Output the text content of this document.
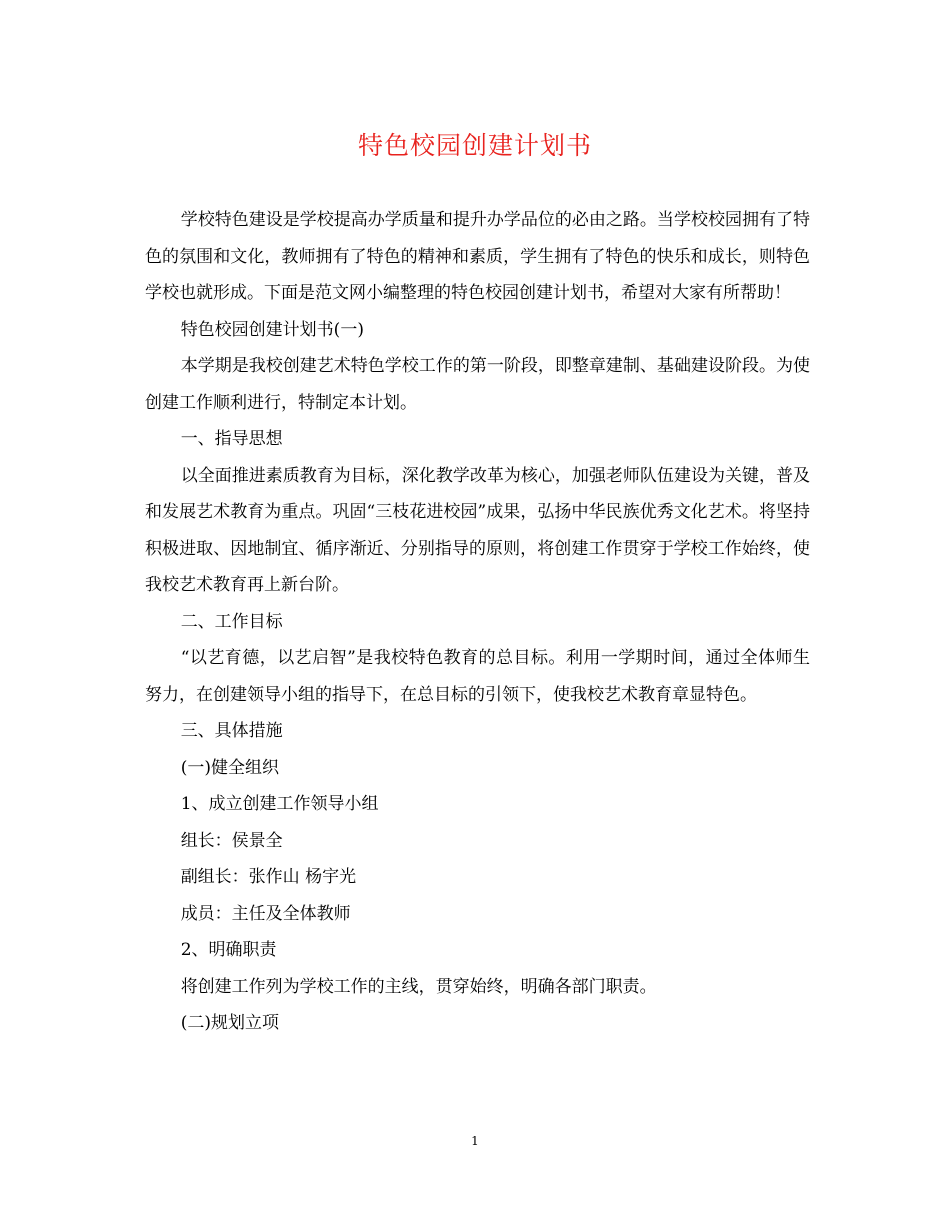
特色校园创建计划书

学校特色建设是学校提高办学质量和提升办学品位的必由之路。当学校校园拥有了特色的氛围和文化，教师拥有了特色的精神和素质，学生拥有了特色的快乐和成长，则特色学校也就形成。下面是范文网小编整理的特色校园创建计划书，希望对大家有所帮助！

特色校园创建计划书(一)

本学期是我校创建艺术特色学校工作的第一阶段，即整章建制、基础建设阶段。为使创建工作顺利进行，特制定本计划。

一、指导思想

以全面推进素质教育为目标，深化教学改革为核心，加强老师队伍建设为关键，普及和发展艺术教育为重点。巩固“三枝花进校园”成果，弘扬中华民族优秀文化艺术。将坚持积极进取、因地制宜、循序渐近、分别指导的原则，将创建工作贯穿于学校工作始终，使我校艺术教育再上新台阶。

二、工作目标

“以艺育德，以艺启智”是我校特色教育的总目标。利用一学期时间，通过全体师生努力，在创建领导小组的指导下，在总目标的引领下，使我校艺术教育章显特色。

三、具体措施

(一)健全组织

1、成立创建工作领导小组

组长：侯景全

副组长：张作山 杨宇光

成员：主任及全体教师

2、明确职责

将创建工作列为学校工作的主线，贯穿始终，明确各部门职责。

(二)规划立项

1
